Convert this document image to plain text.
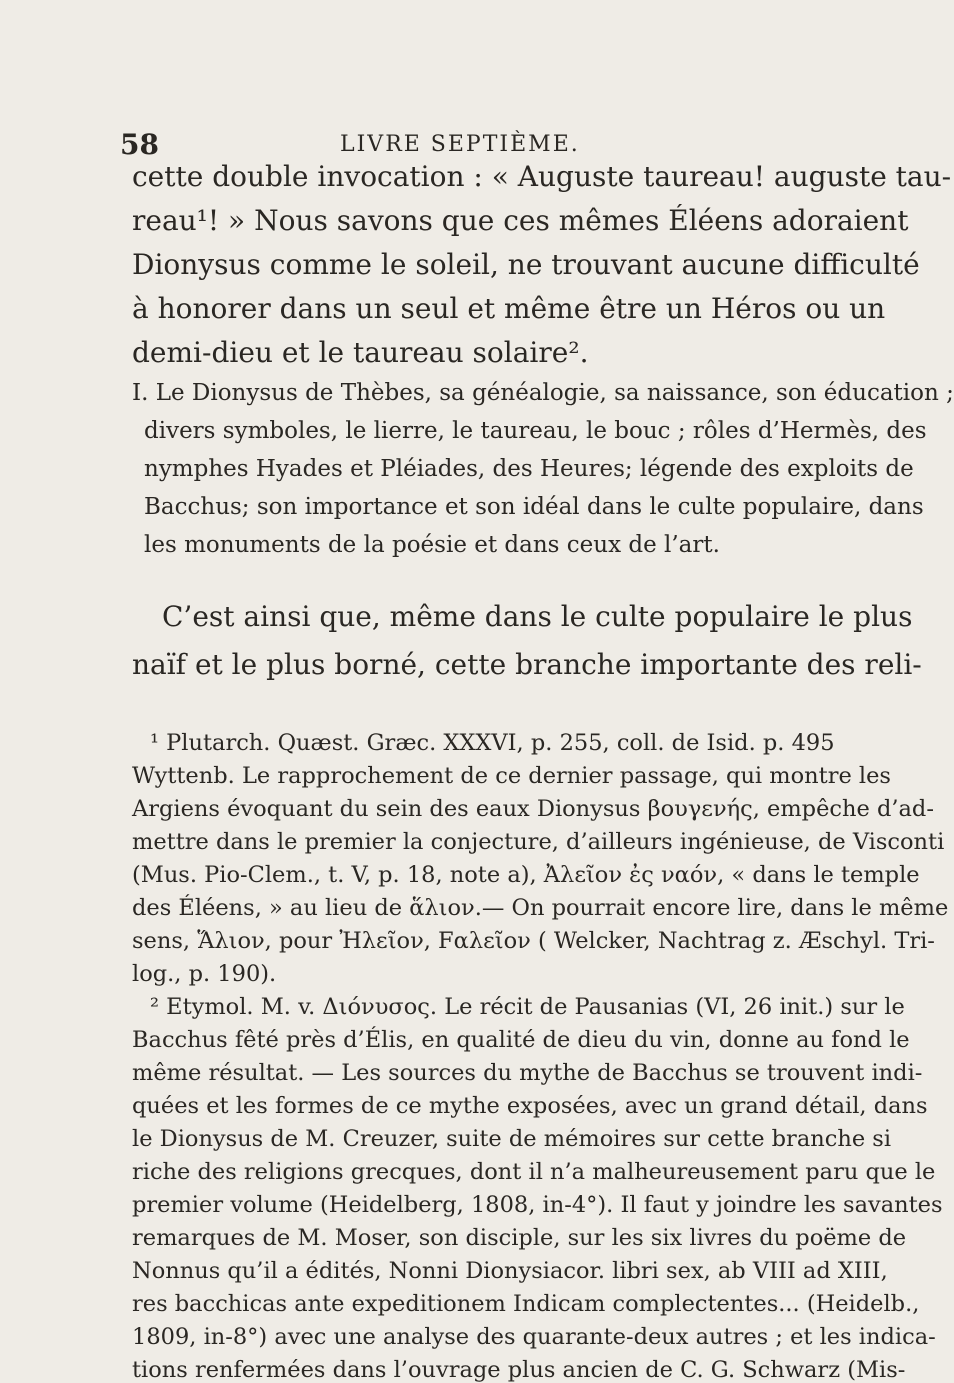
58	LIVRE SEPTIÈME.
cette double invocation : « Auguste taureau! auguste tau-
reau¹! » Nous savons que ces mêmes Éléens adoraient
Dionysus comme le soleil, ne trouvant aucune difficulté
à honorer dans un seul et même être un Héros ou un
demi-dieu et le taureau solaire².
I. Le Dionysus de Thèbes, sa généalogie, sa naissance, son éducation ;
divers symboles, le lierre, le taureau, le bouc ; rôles d’Hermès, des
nymphes Hyades et Pléiades, des Heures; légende des exploits de
Bacchus; son importance et son idéal dans le culte populaire, dans
les monuments de la poésie et dans ceux de l’art.
C’est ainsi que, même dans le culte populaire le plus
naïf et le plus borné, cette branche importante des reli-
¹ Plutarch. Quæst. Græc. XXXVI, p. 255, coll. de Isid. p. 495
Wyttenb. Le rapprochement de ce dernier passage, qui montre les
Argiens évoquant du sein des eaux Dionysus βουγενής, empêche d’ad-
mettre dans le premier la conjecture, d’ailleurs ingénieuse, de Visconti
(Mus. Pio-Clem., t. V, p. 18, note a), Ἀλεῖον ἐς ναόν, « dans le temple
des Éléens, » au lieu de ἅλιον.— On pourrait encore lire, dans le même
sens, Ἅλιον, pour Ἠλεῖον, Fαλεῖον ( Welcker, Nachtrag z. Æschyl. Tri-
log., p. 190).
² Etymol. M. v. Διόνυσος. Le récit de Pausanias (VI, 26 init.) sur le
Bacchus fêté près d’Élis, en qualité de dieu du vin, donne au fond le
même résultat. — Les sources du mythe de Bacchus se trouvent indi-
quées et les formes de ce mythe exposées, avec un grand détail, dans
le Dionysus de M. Creuzer, suite de mémoires sur cette branche si
riche des religions grecques, dont il n’a malheureusement paru que le
premier volume (Heidelberg, 1808, in-4°). Il faut y joindre les savantes
remarques de M. Moser, son disciple, sur les six livres du poëme de
Nonnus qu’il a édités, Nonni Dionysiacor. libri sex, ab VIII ad XIII,
res bacchicas ante expeditionem Indicam complectentes... (Heidelb.,
1809, in-8°) avec une analyse des quarante-deux autres ; et les indica-
tions renfermées dans l’ouvrage plus ancien de C. G. Schwarz (Mis-
